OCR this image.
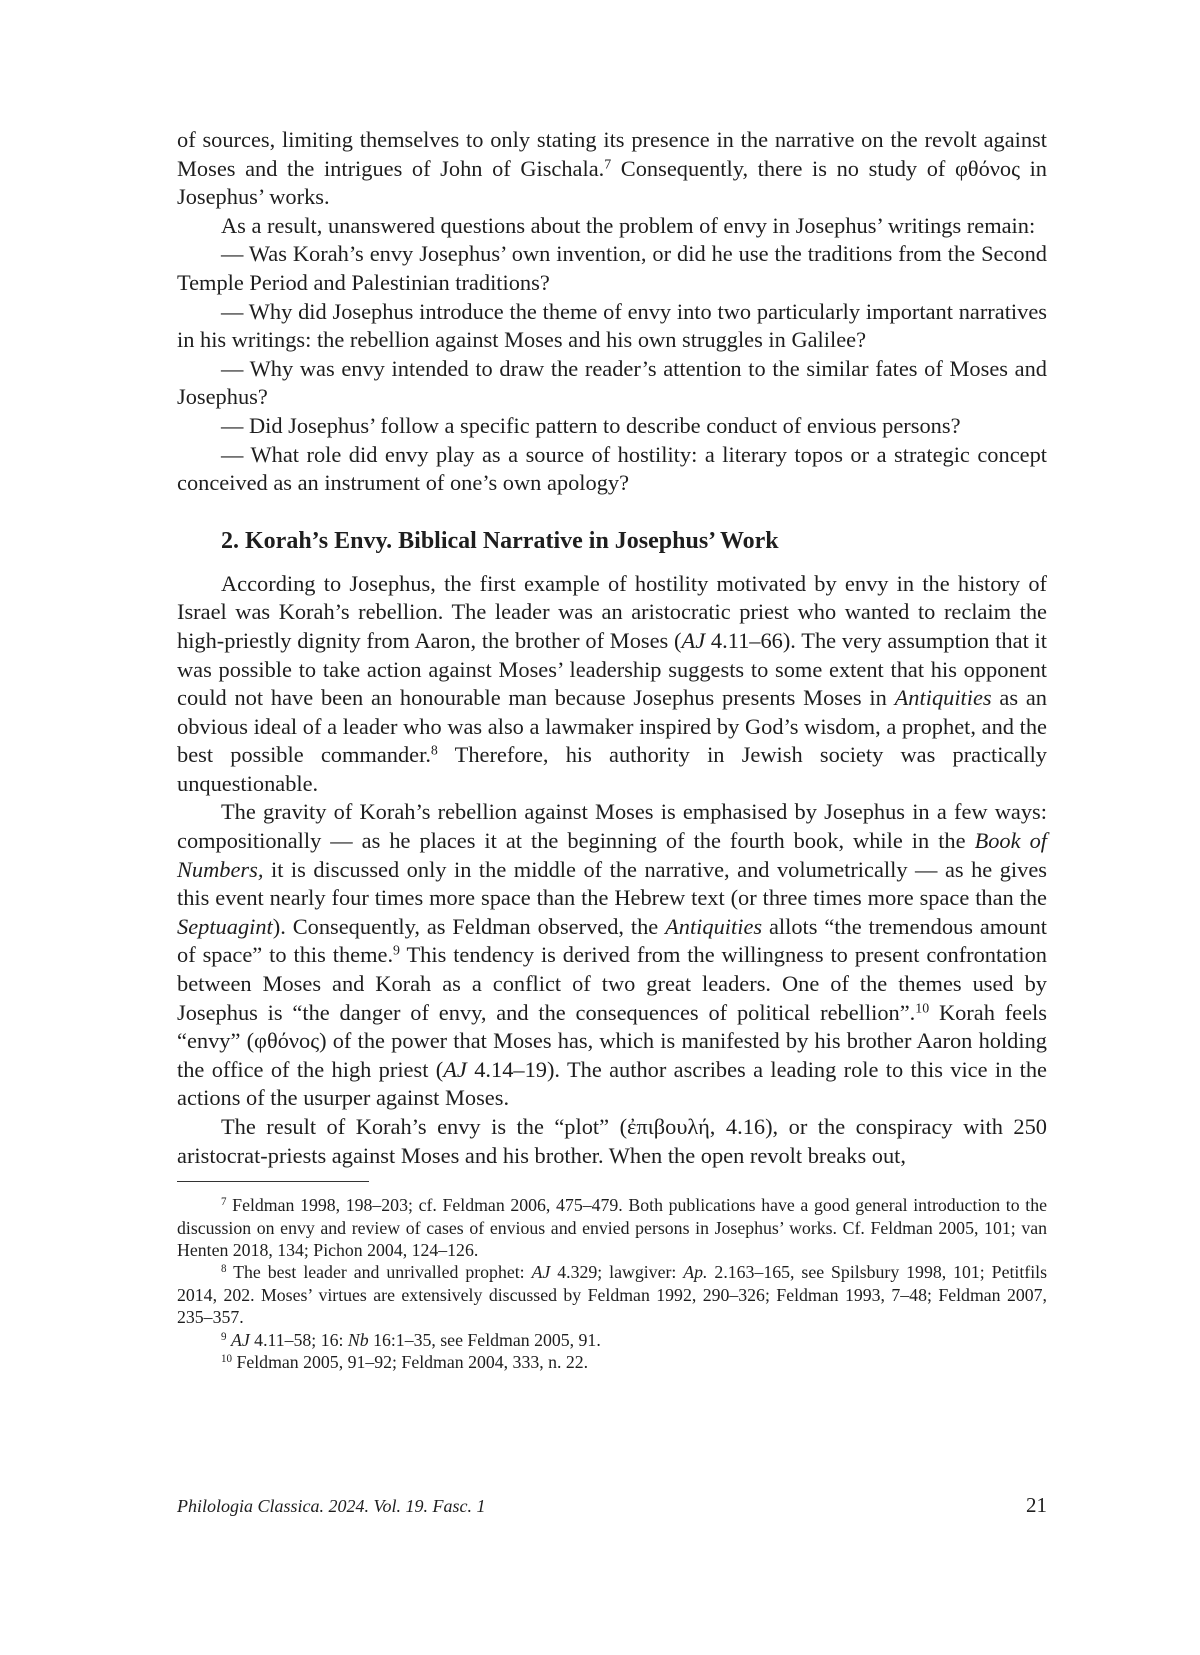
of sources, limiting themselves to only stating its presence in the narrative on the revolt against Moses and the intrigues of John of Gischala.$^7$ Consequently, there is no study of φθόνος in Josephus’ works.

As a result, unanswered questions about the problem of envy in Josephus’ writings remain:

— Was Korah’s envy Josephus’ own invention, or did he use the traditions from the Second Temple Period and Palestinian traditions?

— Why did Josephus introduce the theme of envy into two particularly important narratives in his writings: the rebellion against Moses and his own struggles in Galilee?

— Why was envy intended to draw the reader’s attention to the similar fates of Moses and Josephus?

— Did Josephus’ follow a specific pattern to describe conduct of envious persons?

— What role did envy play as a source of hostility: a literary topos or a strategic concept conceived as an instrument of one’s own apology?

2. Korah’s Envy. Biblical Narrative in Josephus’ Work

According to Josephus, the first example of hostility motivated by envy in the history of Israel was Korah’s rebellion. The leader was an aristocratic priest who wanted to reclaim the high-priestly dignity from Aaron, the brother of Moses (AJ 4.11–66). The very assumption that it was possible to take action against Moses’ leadership suggests to some extent that his opponent could not have been an honourable man because Josephus presents Moses in Antiquities as an obvious ideal of a leader who was also a lawmaker inspired by God’s wisdom, a prophet, and the best possible commander.$^8$ Therefore, his authority in Jewish society was practically unquestionable.

The gravity of Korah’s rebellion against Moses is emphasised by Josephus in a few ways: compositionally — as he places it at the beginning of the fourth book, while in the Book of Numbers, it is discussed only in the middle of the narrative, and volumetrically — as he gives this event nearly four times more space than the Hebrew text (or three times more space than the Septuagint). Consequently, as Feldman observed, the Antiquities allots “the tremendous amount of space” to this theme.$^9$ This tendency is derived from the willingness to present confrontation between Moses and Korah as a conflict of two great leaders. One of the themes used by Josephus is “the danger of envy, and the consequences of political rebellion”.$^{10}$ Korah feels “envy” (φθόνος) of the power that Moses has, which is manifested by his brother Aaron holding the office of the high priest (AJ 4.14–19). The author ascribes a leading role to this vice in the actions of the usurper against Moses.

The result of Korah’s envy is the “plot” (ἐπιβουλή, 4.16), or the conspiracy with 250 aristocrat-priests against Moses and his brother. When the open revolt breaks out,

$^7$ Feldman 1998, 198–203; cf. Feldman 2006, 475–479. Both publications have a good general introduction to the discussion on envy and review of cases of envious and envied persons in Josephus’ works. Cf. Feldman 2005, 101; van Henten 2018, 134; Pichon 2004, 124–126.

$^8$ The best leader and unrivalled prophet: AJ 4.329; lawgiver: Ap. 2.163–165, see Spilsbury 1998, 101; Petitfils 2014, 202. Moses’ virtues are extensively discussed by Feldman 1992, 290–326; Feldman 1993, 7–48; Feldman 2007, 235–357.

$^9$ AJ 4.11–58; 16: Nb 16:1–35, see Feldman 2005, 91.

$^{10}$ Feldman 2005, 91–92; Feldman 2004, 333, n. 22.

Philologia Classica. 2024. Vol. 19. Fasc. 1	21
